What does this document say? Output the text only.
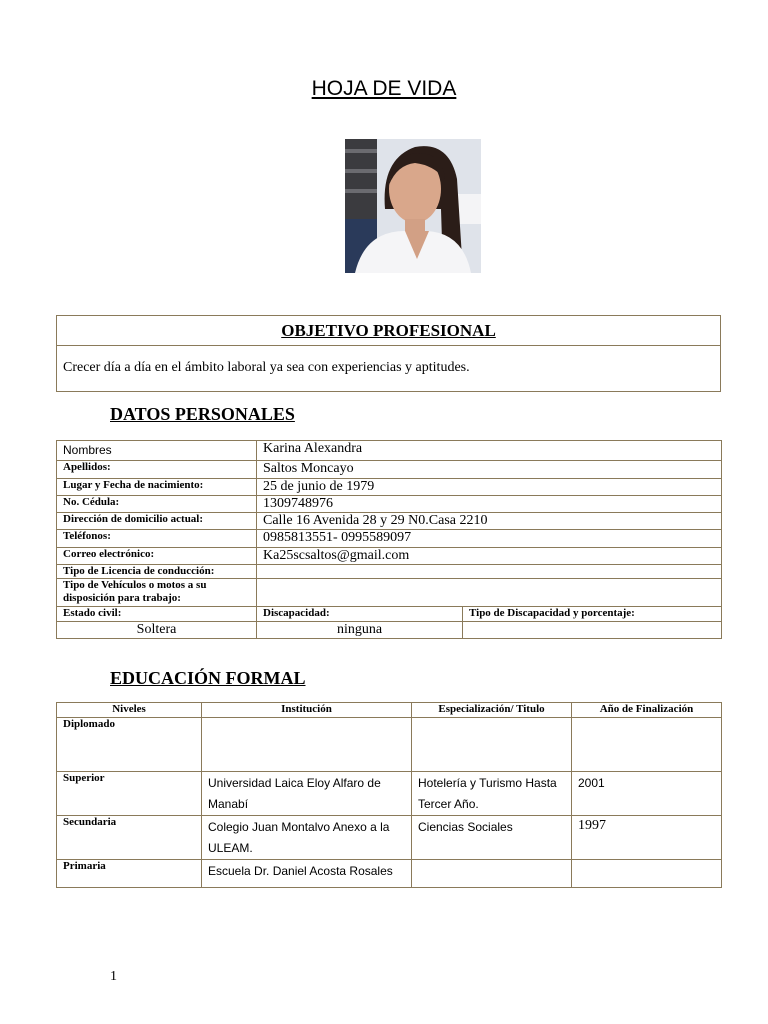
HOJA DE VIDA
OBJETIVO PROFESIONAL
Crecer día a día en el ámbito laboral ya sea con experiencias y aptitudes.
DATOS PERSONALES
Nombres	Karina Alexandra	
Apellidos:	Saltos Moncayo	
Lugar y Fecha de nacimiento:	25 de junio de 1979	
No. Cédula:	1309748976	
Dirección de domicilio actual:	Calle 16 Avenida 28 y 29 N0.Casa 2210	
Teléfonos:	0985813551- 0995589097	
Correo electrónico:	Ka25scsaltos@gmail.com	
Tipo de Licencia de conducción:		
Tipo de Vehículos o motos a su disposición para trabajo:		
Estado civil:	Discapacidad:	Tipo de Discapacidad y porcentaje:
Soltera	ninguna	
EDUCACIÓN FORMAL
Niveles	Institución	Especialización/ Titulo	Año de Finalización
Diplomado			
Superior	Universidad Laica Eloy Alfaro de Manabí	Hotelería y Turismo Hasta Tercer Año.	2001
Secundaria	Colegio Juan Montalvo Anexo a la ULEAM.	Ciencias Sociales	1997
Primaria	Escuela Dr. Daniel Acosta Rosales		
1
